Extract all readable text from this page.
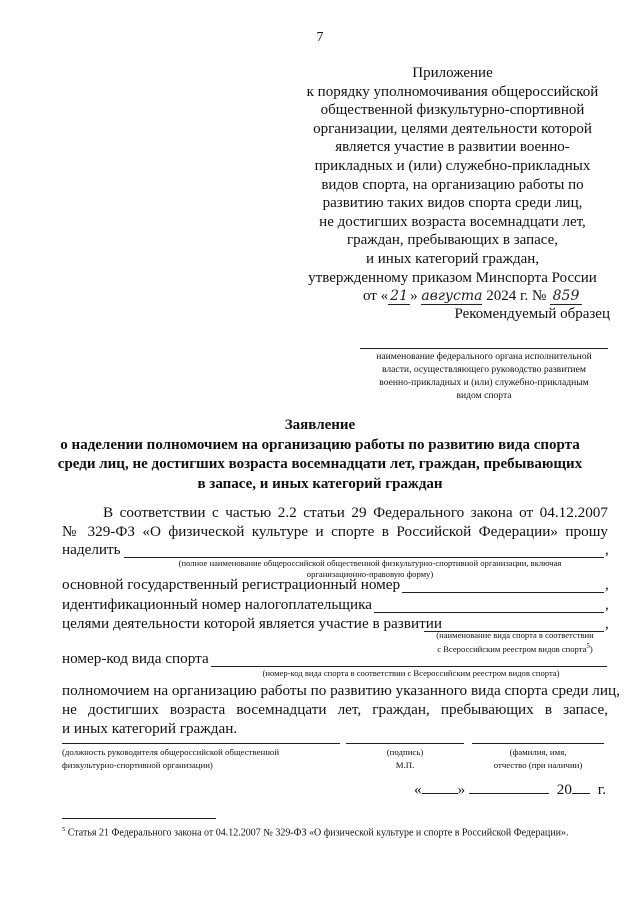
7
Приложение
к порядку уполномочивания общероссийской
общественной физкультурно-спортивной
организации, целями деятельности которой
является участие в развитии военно-
прикладных и (или) служебно-прикладных
видов спорта, на организацию работы по
развитию таких видов спорта среди лиц,
не достигших возраста восемнадцати лет,
граждан, пребывающих в запасе,
и иных категорий граждан,
утвержденному приказом Минспорта России
от « 21 » августа 2024 г. № 859
Рекомендуемый образец
наименование федерального органа исполнительной
власти, осуществляющего руководство развитием
военно-прикладных и (или) служебно-прикладным
видом спорта
Заявление
о наделении полномочием на организацию работы по развитию вида спорта
среди лиц, не достигших возраста восемнадцати лет, граждан, пребывающих
в запасе, и иных категорий граждан
В соответствии с частью 2.2 статьи 29 Федерального закона от 04.12.2007
№ 329-ФЗ «О физической культуре и спорте в Российской Федерации» прошу
наделить	,
(полное наименование общероссийской общественной физкультурно-спортивной организации, включая
организационно-правовую форму)
основной государственный регистрационный номер	,
идентификационный номер налогоплательщика	,
целями деятельности которой является участие в развитии	,
(наименование вида спорта в соответствии
с Всероссийским реестром видов спорта$^5$)
номер-код вида спорта
(номер-код вида спорта в соответствии с Всероссийским реестром видов спорта)
полномочием на организацию работы по развитию указанного вида спорта среди лиц,
не достигших возраста восемнадцати лет, граждан, пребывающих в запасе,
и иных категорий граждан.
(должность руководителя общероссийской общественной
физкультурно-спортивной организации)
(подпись)
М.П.
(фамилия, имя,
отчество (при наличии)
« »	20 г.
$^5$ Статья 21 Федерального закона от 04.12.2007 № 329-ФЗ «О физической культуре и спорте в Российской Федерации».
